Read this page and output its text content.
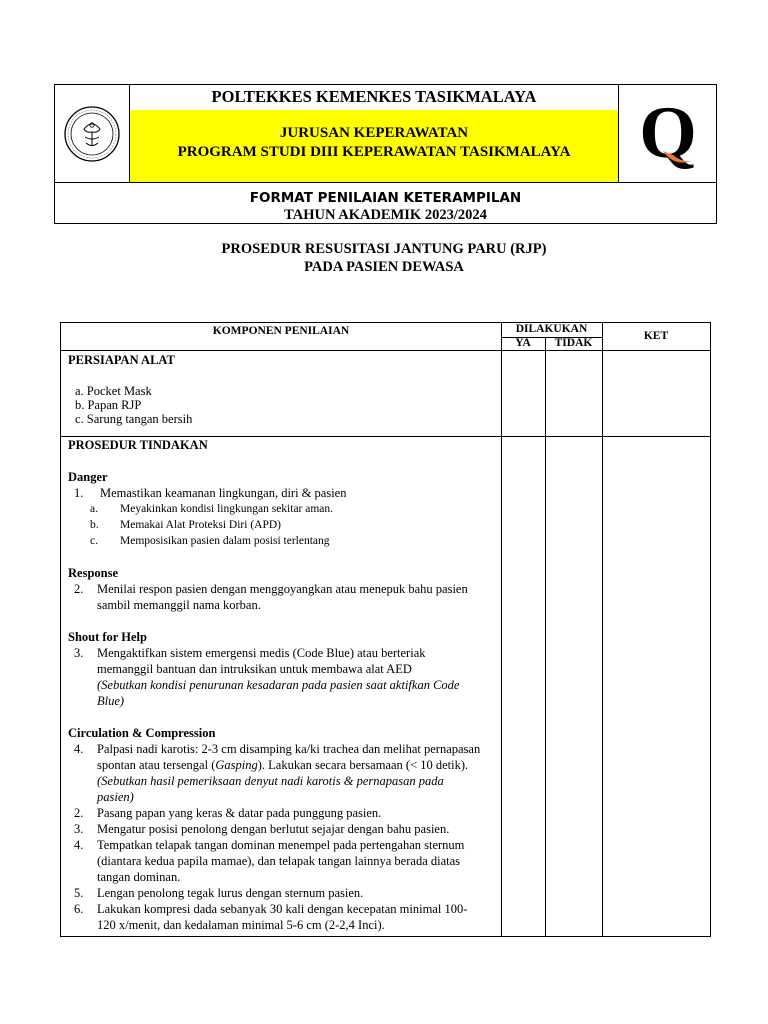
POLTEKKES KEMENKES TASIKMALAYA
JURUSAN KEPERAWATAN
PROGRAM STUDI DIII KEPERAWATAN TASIKMALAYA Q
FORMAT PENILAIAN KETERAMPILAN
TAHUN AKADEMIK 2023/2024
PROSEDUR RESUSITASI JANTUNG PARU (RJP)
PADA PASIEN DEWASA
KOMPONEN PENILAIAN	DILAKUKAN
YA	TIDAK
KET
PERSIAPAN ALAT
a. Pocket Mask
b. Papan RJP
c. Sarung tangan bersih
PROSEDUR TINDAKAN
Danger
1. Memastikan keamanan lingkungan, diri & pasien
a. Meyakinkan kondisi lingkungan sekitar aman.
b. Memakai Alat Proteksi Diri (APD)
c. Memposisikan pasien dalam posisi terlentang
Response
2. Menilai respon pasien dengan menggoyangkan atau menepuk bahu pasien
sambil memanggil nama korban.
Shout for Help
3. Mengaktifkan sistem emergensi medis (Code Blue) atau berteriak
memanggil bantuan dan intruksikan untuk membawa alat AED
(Sebutkan kondisi penurunan kesadaran pada pasien saat aktifkan Code
Blue)
Circulation & Compression
4. Palpasi nadi karotis: 2-3 cm disamping ka/ki trachea dan melihat pernapasan
spontan atau tersengal (Gasping). Lakukan secara bersamaan (< 10 detik).
(Sebutkan hasil pemeriksaan denyut nadi karotis & pernapasan pada
pasien)
2. Pasang papan yang keras & datar pada punggung pasien.
3. Mengatur posisi penolong dengan berlutut sejajar dengan bahu pasien.
4. Tempatkan telapak tangan dominan menempel pada pertengahan sternum
(diantara kedua papila mamae), dan telapak tangan lainnya berada diatas
tangan dominan.
5. Lengan penolong tegak lurus dengan sternum pasien.
6. Lakukan kompresi dada sebanyak 30 kali dengan kecepatan minimal 100-
120 x/menit, dan kedalaman minimal 5-6 cm (2-2,4 Inci).
